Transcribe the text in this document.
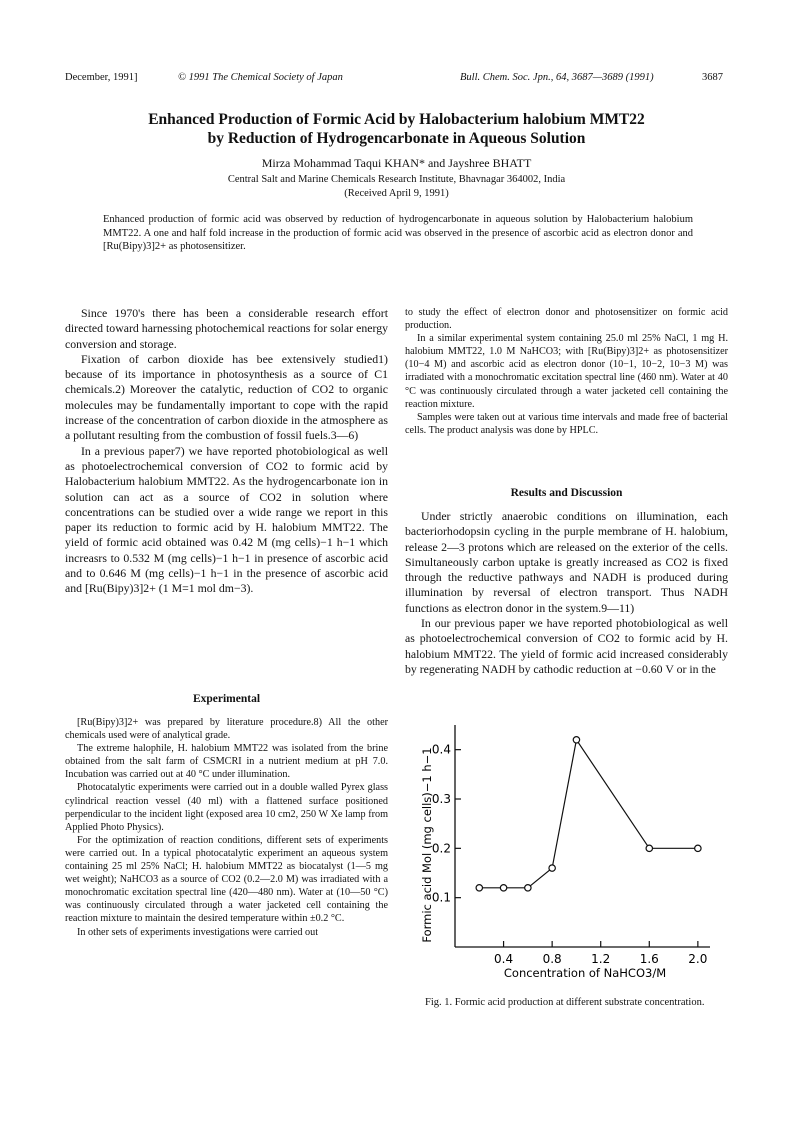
December, 1991]	© 1991 The Chemical Society of Japan	Bull. Chem. Soc. Jpn., 64, 3687—3689 (1991)	3687
Enhanced Production of Formic Acid by Halobacterium halobium MMT22
by Reduction of Hydrogencarbonate in Aqueous Solution
Mirza Mohammad Taqui KHAN* and Jayshree BHATT
Central Salt and Marine Chemicals Research Institute, Bhavnagar 364002, India
(Received April 9, 1991)
Enhanced production of formic acid was observed by reduction of hydrogencarbonate in aqueous solution by Halobacterium halobium MMT22. A one and half fold increase in the production of formic acid was observed in the presence of ascorbic acid as electron donor and [Ru(Bipy)3]2+ as photosensitizer.

Since 1970's there has been a considerable research effort directed toward harnessing photochemical reactions for solar energy conversion and storage.

Fixation of carbon dioxide has bee extensively studied1) because of its importance in photosynthesis as a source of C1 chemicals.2) Moreover the catalytic, reduction of CO2 to organic molecules may be fundamentally important to cope with the rapid increase of the concentration of carbon dioxide in the atmosphere as a pollutant resulting from the combustion of fossil fuels.3—6)

In a previous paper7) we have reported photobiological as well as photoelectrochemical conversion of CO2 to formic acid by Halobacterium halobium MMT22. As the hydrogencarbonate ion in solution can act as a source of CO2 in solution where concentrations can be studied over a wide range we report in this paper its reduction to formic acid by H. halobium MMT22. The yield of formic acid obtained was 0.42 M (mg cells)−1 h−1 which increasrs to 0.532 M (mg cells)−1 h−1 in presence of ascorbic acid and to 0.646 M (mg cells)−1 h−1 in the presence of ascorbic acid and [Ru(Bipy)3]2+ (1 M=1 mol dm−3).

Experimental

[Ru(Bipy)3]2+ was prepared by literature procedure.8) All the other chemicals used were of analytical grade.

The extreme halophile, H. halobium MMT22 was isolated from the brine obtained from the salt farm of CSMCRI in a nutrient medium at pH 7.0. Incubation was carried out at 40 °C under illumination.

Photocatalytic experiments were carried out in a double walled Pyrex glass cylindrical reaction vessel (40 ml) with a flattened surface positioned perpendicular to the incident light (exposed area 10 cm2, 250 W Xe lamp from Applied Photo Physics).

For the optimization of reaction conditions, different sets of experiments were carried out. In a typical photocatalytic experiment an aqueous system containing 25 ml 25% NaCl; H. halobium MMT22 as biocatalyst (1—5 mg wet weight); NaHCO3 as a source of CO2 (0.2—2.0 M) was irradiated with a monochromatic excitation spectral line (420—480 nm). Water at (10—50 °C) was continuously circulated through a water jacketed cell containing the reaction mixture to maintain the desired temperature within ±0.2 °C.

In other sets of experiments investigations were carried out

to study the effect of electron donor and photosensitizer on formic acid production.

In a similar experimental system containing 25.0 ml 25% NaCl, 1 mg H. halobium MMT22, 1.0 M NaHCO3; with [Ru(Bipy)3]2+ as photosensitizer (10−4 M) and ascorbic acid as electron donor (10−1, 10−2, 10−3 M) was irradiated with a monochromatic excitation spectral line (460 nm). Water at 40 °C was continuously circulated through a water jacketed cell containing the reaction mixture.

Samples were taken out at various time intervals and made free of bacterial cells. The product analysis was done by HPLC.

Results and Discussion

Under strictly anaerobic conditions on illumination, each bacteriorhodopsin cycling in the purple membrane of H. halobium, release 2—3 protons which are released on the exterior of the cells. Simultaneously carbon uptake is greatly increased as CO2 is fixed through the reductive pathways and NADH is produced during illumination by reversal of electron transport. Thus NADH functions as electron donor in the system.9—11)

In our previous paper we have reported photobiological as well as photoelectrochemical conversion of CO2 to formic acid by H. halobium MMT22. The yield of formic acid increased considerably by regenerating NADH by cathodic reduction at −0.60 V or in the

0.1
0.2
0.3
0.4
0.4 0.8 1.2 1.6 2.0
Formic acid Mol (mg cells)−1 h−1
Concentration of NaHCO3/M
Fig. 1. Formic acid production at different substrate concentration.
